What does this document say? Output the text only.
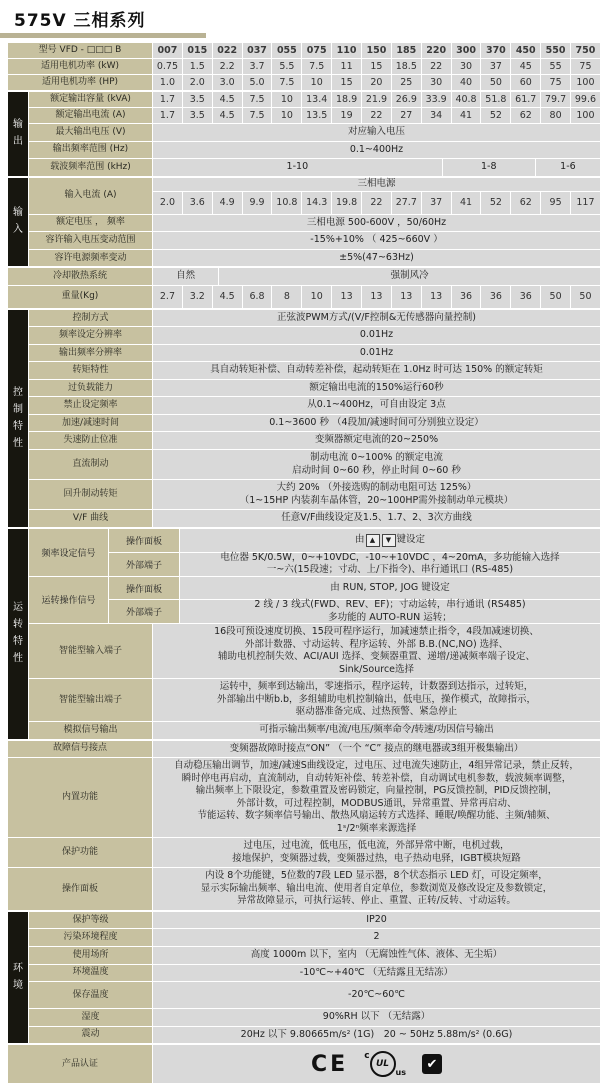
575V 三相系列
型号 VFD - □□□ B	007	015	022	037	055	075	110	150	185	220	300	370	450	550	750
适用电机功率 (kW)	0.75	1.5	2.2	3.7	5.5	7.5	11	15	18.5	22	30	37	45	55	75
适用电机功率 (HP)	1.0	2.0	3.0	5.0	7.5	10	15	20	25	30	40	50	60	75	100
输
出
额定输出容量 (kVA)	1.7	3.5	4.5	7.5	10	13.4 18.9 21.9 26.9 33.9 40.8 51.8 61.7 79.7 99.6
额定输出电流 (A)	1.7	3.5	4.5	7.5	10	13.5	19	22	27	34	41	52	62	80	100
最大输出电压 (V)	对应输入电压
输出频率范围 (Hz)	0.1~400Hz
载波频率范围 (kHz)	1-10	1-8	1-6
输
入
输入电流 (A)
三相电源
2.0	3.6	4.9	9.9	10.8 14.3 19.8	22	27.7	37	41	52	62	95	117
额定电压 ， 频率	三相电源 500-600V ，50/60Hz
容许输入电压变动范围	-15%+10% （ 425~660V ）
容许电源频率变动	±5%(47~63Hz)
冷却散热系统	自然	强制风冷
重量(Kg)	2.7	3.2	4.5	6.8	8	10	13	13	13	13	36	36	36	50	50
控
制
特
性
控制方式	正弦波PWM方式/(V/F控制&无传感器向量控制)
频率设定分辨率	0.01Hz
输出频率分辨率	0.01Hz
转矩特性	具自动转矩补偿、自动转差补偿，起动转矩在 1.0Hz 时可达 150% 的额定转矩
过负载能力	额定输出电流的150%运行60秒
禁止设定频率	从0.1~400Hz，可自由设定 3点
加速/减速时间	0.1~3600 秒 （4段加/减速时间可分别独立设定）
失速防止位准	变频器额定电流的20~250%
直流制动
制动电流 0~100% 的额定电流
启动时间 0~60 秒，停止时间 0~60 秒
回升制动转矩
大约 20% （外接选购的制动电阻可达 125%）
（1~15HP 内装刹车晶体管，20~100HP需外接制动单元模块）
V/F 曲线	任意V/F曲线设定及1.5、1.7、2、3次方曲线
运
转
特
性
频率设定信号
操作面板	由 ▲	▼ 键设定
外部端子
电位器 5K/0.5W，0~+10VDC，-10~+10VDC ，4~20mA，多功能输入选择
一~六(15段速；寸动、上/下指令)、串行通讯口 (RS-485)
运转操作信号
操作面板	由 RUN, STOP, JOG 键设定
外部端子
2 线 / 3 线式(FWD、REV、EF)；寸动运转，串行通讯 (RS485)
多功能的 AUTO-RUN 运转；
智能型输入端子
16段可预设速度切换、15段可程序运行，加减速禁止指令，4段加减速切换、
外部计数器、寸动运转、程序运转、外部 B.B.(NC,NO) 选择、
辅助电机控制失效、ACI/AUI 选择、变频器重置、递增/递减频率端子设定、
Sink/Source选择
智能型输出端子
运转中，频率到达输出，零速指示，程序运转，计数器到达指示，过转矩，
外部输出中断b.b，多组辅助电机控制输出，低电压，操作模式，故障指示，
驱动器准备完成、过热预警、紧急停止
模拟信号输出	可指示输出频率/电流/电压/频率命令/转速/功因信号输出
故障信号接点	变频器故障时接点“ON” （一个 “C” 接点的继电器或3组开极集输出）
内置功能
自动稳压输出调节，加速/减速S曲线设定，过电压、过电流失速防止，4组异常记录，禁止反转，
瞬时停电再启动，直流制动，自动转矩补偿、转差补偿，自动调试电机参数，载波频率调整，
输出频率上下限设定，参数重置及密码锁定，向量控制，PG反馈控制，PID反馈控制，
外部计数，可过程控制，MODBUS通讯，异常重置、异常再启动、
节能运转、数字频率信号输出、散热风扇运转方式选择、睡眠/唤醒功能、主频/辅频、
1ˢ/2ⁿ频率来源选择
保护功能
过电压，过电流，低电压，低电流，外部异常中断，电机过载，
接地保护，变频器过载，变频器过热，电子热动电驿，IGBT模块短路
操作面板
内设 8个功能键，5位数的7段 LED 显示器，8个状态指示 LED 灯，可设定频率，
显示实际输出频率、输出电流、使用者自定单位，参数浏览及修改设定及参数锁定，
异常故障显示，可执行运转、停止、重置、正转/反转、寸动运转。
环
境
保护等级	IP20
污染环境程度	2
使用场所	高度 1000m 以下，室内 （无腐蚀性气体、液体、无尘垢）
环境温度	-10℃~+40℃ （无结露且无结冻）
保存温度	-20℃~60℃
湿度	90%RH 以下 （无结露）
震动	20Hz 以下 9.80665m/s² (1G)　20 ~ 50Hz 5.88m/s² (0.6G)
产品认证	CE c
UL
us
✔
